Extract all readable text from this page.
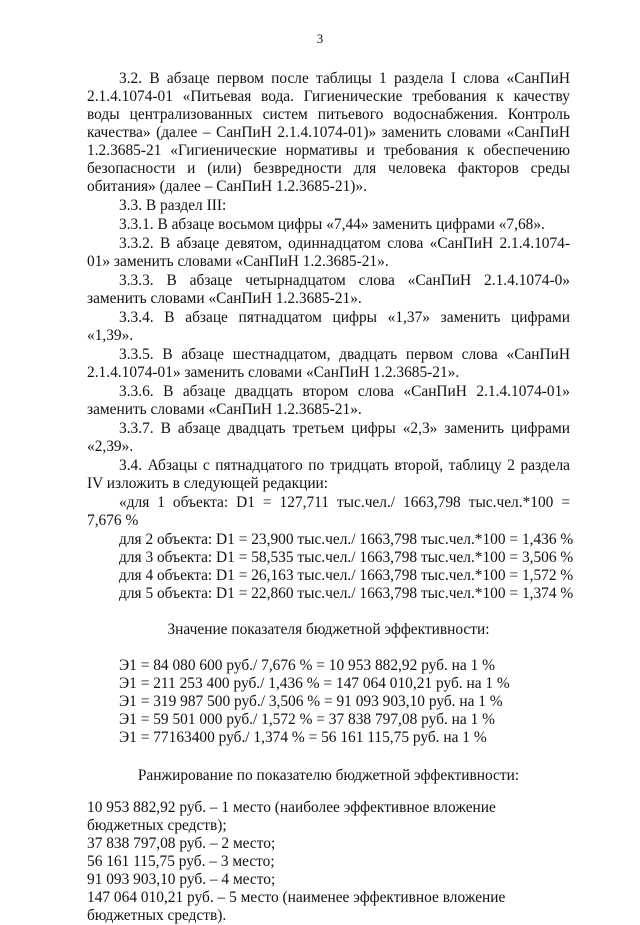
3

3.2. В абзаце первом после таблицы 1 раздела I слова «СанПиН 2.1.4.1074-01 «Питьевая вода. Гигиенические требования к качеству воды централизованных систем питьевого водоснабжения. Контроль качества» (далее – СанПиН 2.1.4.1074-01)» заменить словами «СанПиН 1.2.3685-21 «Гигиенические нормативы и требования к обеспечению безопасности и (или) безвредности для человека факторов среды обитания» (далее – СанПиН 1.2.3685-21)».

3.3. В раздел III:

3.3.1. В абзаце восьмом цифры «7,44» заменить цифрами «7,68».

3.3.2. В абзаце девятом, одиннадцатом слова «СанПиН 2.1.4.1074-01» заменить словами «СанПиН 1.2.3685-21».

3.3.3. В абзаце четырнадцатом слова «СанПиН 2.1.4.1074-0» заменить словами «СанПиН 1.2.3685-21».

3.3.4. В абзаце пятнадцатом цифры «1,37» заменить цифрами «1,39».

3.3.5. В абзаце шестнадцатом, двадцать первом слова «СанПиН 2.1.4.1074-01» заменить словами «СанПиН 1.2.3685-21».

3.3.6. В абзаце двадцать втором слова «СанПиН 2.1.4.1074-01» заменить словами «СанПиН 1.2.3685-21».

3.3.7. В абзаце двадцать третьем цифры «2,3» заменить цифрами «2,39».

3.4. Абзацы с пятнадцатого по тридцать второй, таблицу 2 раздела IV изложить в следующей редакции:

«для 1 объекта: D1 = 127,711 тыс.чел./ 1663,798 тыс.чел.*100 = 7,676 %

для 2 объекта: D1 = 23,900 тыс.чел./ 1663,798 тыс.чел.*100 = 1,436 %

для 3 объекта: D1 = 58,535 тыс.чел./ 1663,798 тыс.чел.*100 = 3,506 %

для 4 объекта: D1 = 26,163 тыс.чел./ 1663,798 тыс.чел.*100 = 1,572 %

для 5 объекта: D1 = 22,860 тыс.чел./ 1663,798 тыс.чел.*100 = 1,374 %

Значение показателя бюджетной эффективности:

Э1 = 84 080 600 руб./ 7,676 % = 10 953 882,92 руб. на 1 %

Э1 = 211 253 400 руб./ 1,436 % = 147 064 010,21 руб. на 1 %

Э1 = 319 987 500 руб./ 3,506 % = 91 093 903,10 руб. на 1 %

Э1 = 59 501 000 руб./ 1,572 % = 37 838 797,08 руб. на 1 %

Э1 = 77163400 руб./ 1,374 % = 56 161 115,75 руб. на 1 %

Ранжирование по показателю бюджетной эффективности:

10 953 882,92 руб. – 1 место (наиболее эффективное вложение бюджетных средств);

37 838 797,08 руб. – 2 место;

56 161 115,75 руб. – 3 место;

91 093 903,10 руб. – 4 место;

147 064 010,21 руб. – 5 место (наименее эффективное вложение бюджетных средств).
